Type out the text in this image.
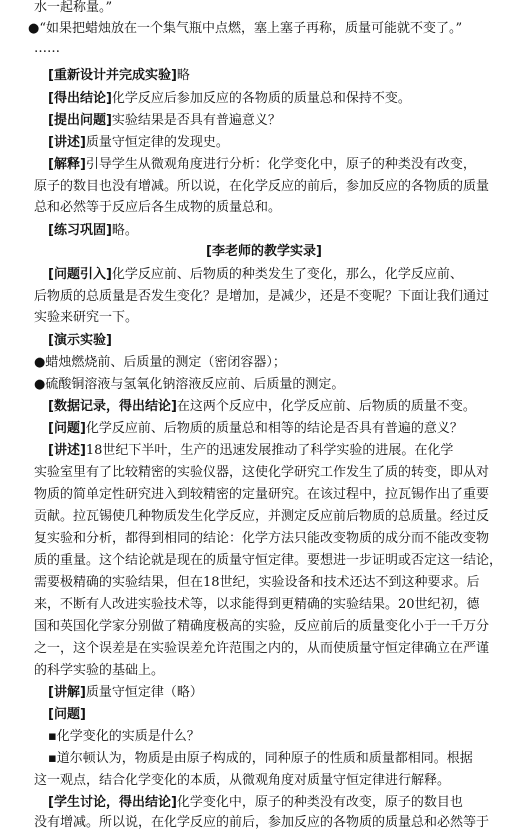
水一起称量。”
●“如果把蜡烛放在一个集气瓶中点燃，塞上塞子再称，质量可能就不变了。”
……
[重新设计并完成实验]略
[得出结论]化学反应后参加反应的各物质的质量总和保持不变。
[提出问题]实验结果是否具有普遍意义？
[讲述]质量守恒定律的发现史。
[解释]引导学生从微观角度进行分析：化学变化中，原子的种类没有改变，
原子的数目也没有增减。所以说，在化学反应的前后，参加反应的各物质的质量
总和必然等于反应后各生成物的质量总和。
[练习巩固]略。
[李老师的教学实录]
[问题引入]化学反应前、后物质的种类发生了变化，那么，化学反应前、
后物质的总质量是否发生变化？是增加，是减少，还是不变呢？下面让我们通过
实验来研究一下。
[演示实验]
●蜡烛燃烧前、后质量的测定（密闭容器）；
●硫酸铜溶液与氢氧化钠溶液反应前、后质量的测定。
[数据记录，得出结论]在这两个反应中，化学反应前、后物质的质量不变。
[问题]化学反应前、后物质的质量总和相等的结论是否具有普遍的意义？
[讲述]18世纪下半叶，生产的迅速发展推动了科学实验的进展。在化学
实验室里有了比较精密的实验仪器，这使化学研究工作发生了质的转变，即从对
物质的简单定性研究进入到较精密的定量研究。在该过程中，拉瓦锡作出了重要
贡献。拉瓦锡使几种物质发生化学反应，并测定反应前后物质的总质量。经过反
复实验和分析，都得到相同的结论：化学方法只能改变物质的成分而不能改变物
质的重量。这个结论就是现在的质量守恒定律。要想进一步证明或否定这一结论，
需要极精确的实验结果，但在18世纪，实验设备和技术还达不到这种要求。后
来，不断有人改进实验技术等，以求能得到更精确的实验结果。20世纪初，德
国和英国化学家分别做了精确度极高的实验，反应前后的质量变化小于一千万分
之一，这个误差是在实验误差允许范围之内的，从而使质量守恒定律确立在严谨
的科学实验的基础上。
[讲解]质量守恒定律（略）
[问题]
▪化学变化的实质是什么？
▪道尔顿认为，物质是由原子构成的，同种原子的性质和质量都相同。根据
这一观点，结合化学变化的本质，从微观角度对质量守恒定律进行解释。
[学生讨论，得出结论]化学变化中，原子的种类没有改变，原子的数目也
没有增减。所以说，在化学反应的前后，参加反应的各物质的质量总和必然等于
